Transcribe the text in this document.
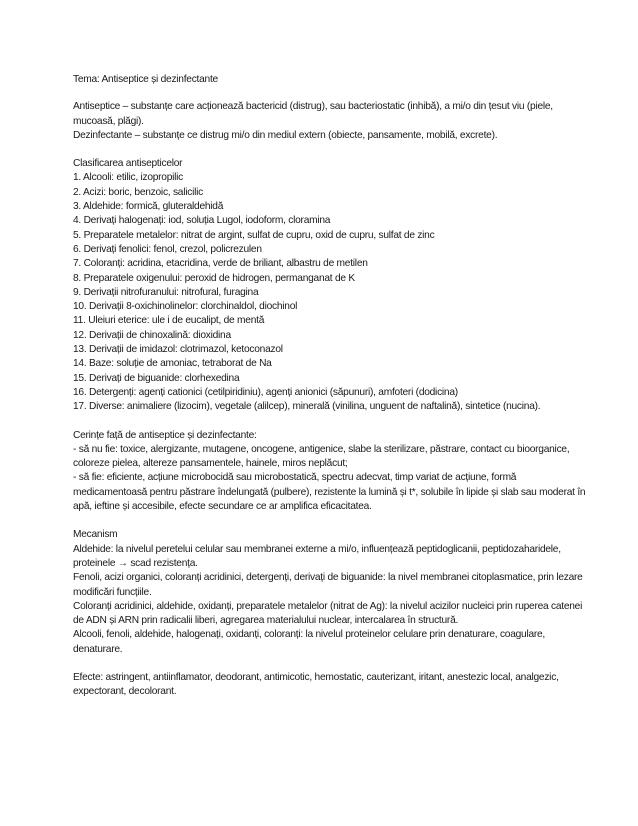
Tema: Antiseptice și dezinfectante

Antiseptice – substanțe care acționează bactericid (distrug), sau bacteriostatic (inhibă), a mi/o din țesut viu (piele, mucoasă, plăgi).

Dezinfectante – substanțe ce distrug mi/o din mediul extern (obiecte, pansamente, mobilă, excrete).

Clasificarea antisepticelor

1. Alcooli: etilic, izopropilic

2. Acizi: boric, benzoic, salicilic

3. Aldehide: formică, gluteraldehidă

4. Derivați halogenați: iod, soluția Lugol, iodoform, cloramina

5. Preparatele metalelor: nitrat de argint, sulfat de cupru, oxid de cupru, sulfat de zinc

6. Derivați fenolici: fenol, crezol, policrezulen

7. Coloranți: acridina, etacridina, verde de briliant, albastru de metilen

8. Preparatele oxigenului: peroxid de hidrogen, permanganat de K

9. Derivații nitrofuranului: nitrofural, furagina

10. Derivații 8-oxichinolinelor: clorchinaldol, diochinol

11. Uleiuri eterice: ule i de eucalipt, de mentă

12. Derivații de chinoxalină: dioxidina

13. Derivații de imidazol: clotrimazol, ketoconazol

14. Baze: soluție de amoniac, tetraborat de Na

15. Derivați de biguanide: clorhexedina

16. Detergenți: agenți cationici (cetilpiridiniu), agenți anionici (săpunuri), amfoteri (dodicina)

17. Diverse: animaliere (lizocim), vegetale (alilcep), minerală (vinilina, unguent de naftalină), sintetice (nucina).

Cerințe față de antiseptice și dezinfectante:

- să nu fie: toxice, alergizante, mutagene, oncogene, antigenice, slabe la sterilizare, păstrare, contact cu bioorganice, coloreze pielea, altereze pansamentele, hainele, miros neplăcut;

- să fie: eficiente, acțiune microbocidă sau microbostatică, spectru adecvat, timp variat de acțiune, formă medicamentoasă pentru păstrare îndelungată (pulbere), rezistente la lumină și t*, solubile în lipide și slab sau moderat în apă, ieftine și accesibile, efecte secundare ce ar amplifica eficacitatea.

Mecanism

Aldehide: la nivelul peretelui celular sau membranei externe a mi/o, influențează peptidoglicanii, peptidozaharidele, proteinele → scad rezistența.

Fenoli, acizi organici, coloranți acridinici, detergenți, derivați de biguanide: la nivel membranei citoplasmatice, prin lezare modificări funcțiile.

Coloranți acridinici, aldehide, oxidanți, preparatele metalelor (nitrat de Ag): la nivelul acizilor nucleici prin ruperea catenei de ADN și ARN prin radicalii liberi, agregarea materialului nuclear, intercalarea în structură.

Alcooli, fenoli, aldehide, halogenați, oxidanți, coloranți: la nivelul proteinelor celulare prin denaturare, coagulare, denaturare.

Efecte: astringent, antiinflamator, deodorant, antimicotic, hemostatic, cauterizant, iritant, anestezic local, analgezic, expectorant, decolorant.
